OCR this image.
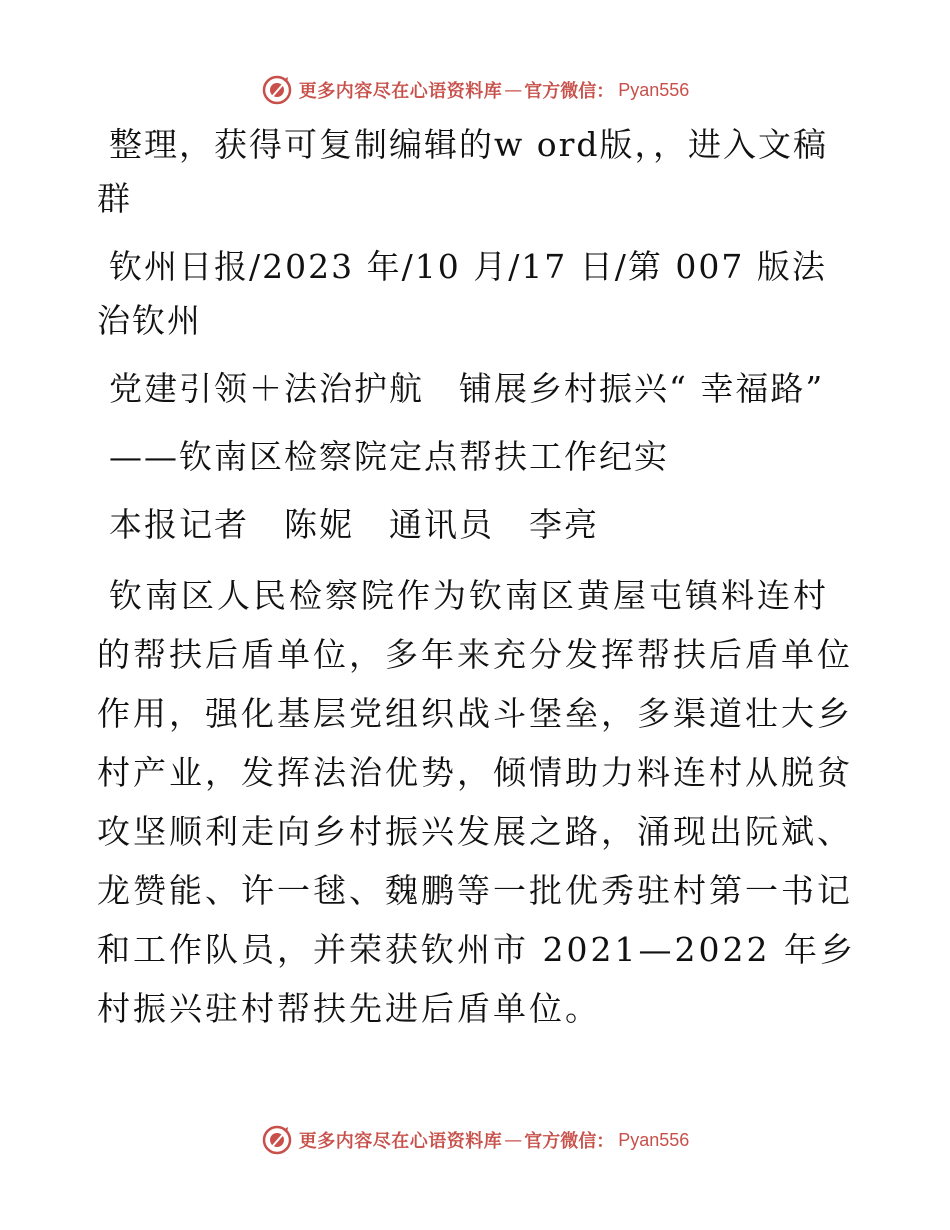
更多内容尽在心语资料库 — 官方微信： Pyan556

整理，获得可复制编辑的w ord版，，进入文稿群

钦州日报/2023 年/10 月/17 日/第 007 版法治钦州

党建引领＋法治护航　铺展乡村振兴“ 幸福路”

——钦南区检察院定点帮扶工作纪实

本报记者　陈妮　通讯员　李亮

钦南区人民检察院作为钦南区黄屋屯镇料连村的帮扶后盾单位，多年来充分发挥帮扶后盾单位作用，强化基层党组织战斗堡垒，多渠道壮大乡村产业，发挥法治优势，倾情助力料连村从脱贫攻坚顺利走向乡村振兴发展之路，涌现出阮斌、龙赞能、许一毬、魏鹏等一批优秀驻村第一书记和工作队员，并荣获钦州市 2021—2022 年乡村振兴驻村帮扶先进后盾单位。

更多内容尽在心语资料库 — 官方微信： Pyan556
